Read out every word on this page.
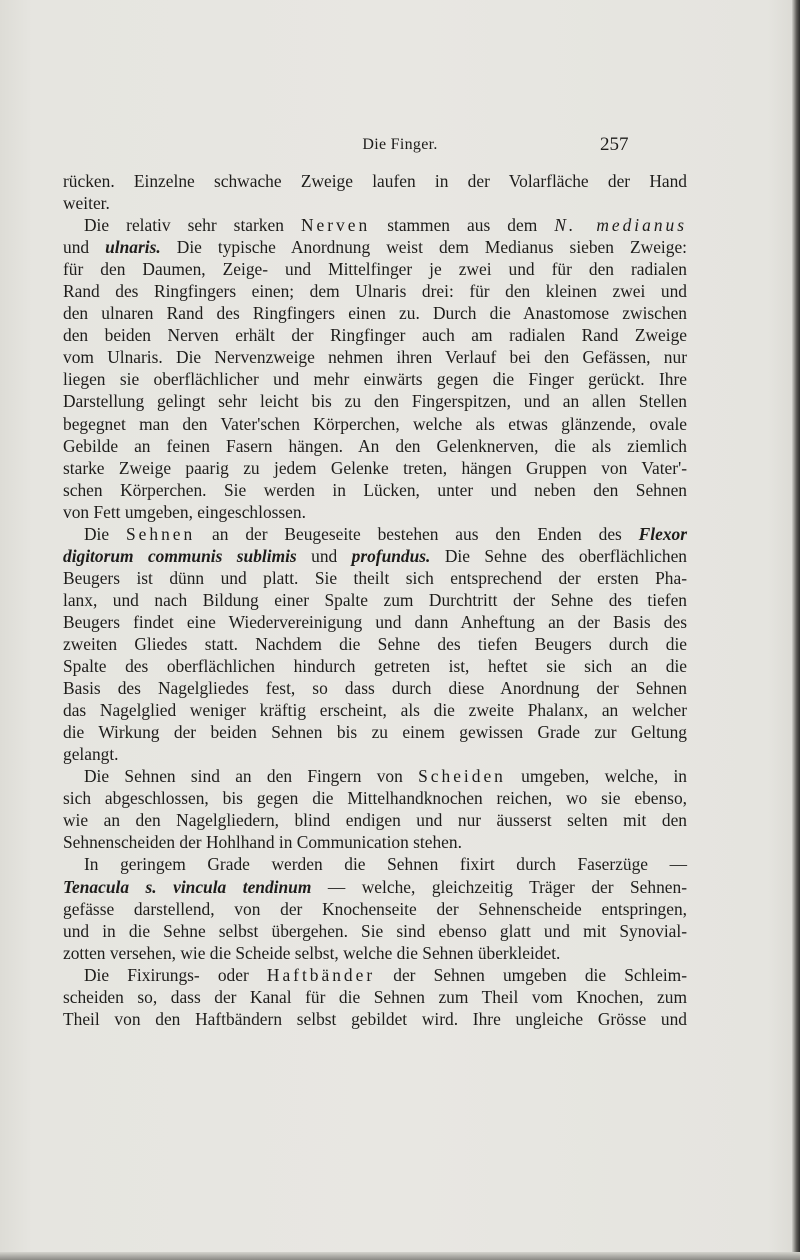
Die Finger.	257
rücken. Einzelne schwache Zweige laufen in der Volarfläche der Hand
weiter.
Die relativ sehr starken Nerven stammen aus dem N. medianus
und ulnaris. Die typische Anordnung weist dem Medianus sieben Zweige:
für den Daumen, Zeige- und Mittelfinger je zwei und für den radialen
Rand des Ringfingers einen; dem Ulnaris drei: für den kleinen zwei und
den ulnaren Rand des Ringfingers einen zu. Durch die Anastomose zwischen
den beiden Nerven erhält der Ringfinger auch am radialen Rand Zweige
vom Ulnaris. Die Nervenzweige nehmen ihren Verlauf bei den Gefässen, nur
liegen sie oberflächlicher und mehr einwärts gegen die Finger gerückt. Ihre
Darstellung gelingt sehr leicht bis zu den Fingerspitzen, und an allen Stellen
begegnet man den Vater'schen Körperchen, welche als etwas glänzende, ovale
Gebilde an feinen Fasern hängen. An den Gelenknerven, die als ziemlich
starke Zweige paarig zu jedem Gelenke treten, hängen Gruppen von Vater'-
schen Körperchen. Sie werden in Lücken, unter und neben den Sehnen
von Fett umgeben, eingeschlossen.
Die Sehnen an der Beugeseite bestehen aus den Enden des Flexor
digitorum communis sublimis und profundus. Die Sehne des oberflächlichen
Beugers ist dünn und platt. Sie theilt sich entsprechend der ersten Pha-
lanx, und nach Bildung einer Spalte zum Durchtritt der Sehne des tiefen
Beugers findet eine Wiedervereinigung und dann Anheftung an der Basis des
zweiten Gliedes statt. Nachdem die Sehne des tiefen Beugers durch die
Spalte des oberflächlichen hindurch getreten ist, heftet sie sich an die
Basis des Nagelgliedes fest, so dass durch diese Anordnung der Sehnen
das Nagelglied weniger kräftig erscheint, als die zweite Phalanx, an welcher
die Wirkung der beiden Sehnen bis zu einem gewissen Grade zur Geltung
gelangt.
Die Sehnen sind an den Fingern von Scheiden umgeben, welche, in
sich abgeschlossen, bis gegen die Mittelhandknochen reichen, wo sie ebenso,
wie an den Nagelgliedern, blind endigen und nur äusserst selten mit den
Sehnenscheiden der Hohlhand in Communication stehen.
In geringem Grade werden die Sehnen fixirt durch Faserzüge —
Tenacula s. vincula tendinum — welche, gleichzeitig Träger der Sehnen-
gefässe darstellend, von der Knochenseite der Sehnenscheide entspringen,
und in die Sehne selbst übergehen. Sie sind ebenso glatt und mit Synovial-
zotten versehen, wie die Scheide selbst, welche die Sehnen überkleidet.
Die Fixirungs- oder Haftbänder der Sehnen umgeben die Schleim-
scheiden so, dass der Kanal für die Sehnen zum Theil vom Knochen, zum
Theil von den Haftbändern selbst gebildet wird. Ihre ungleiche Grösse und
